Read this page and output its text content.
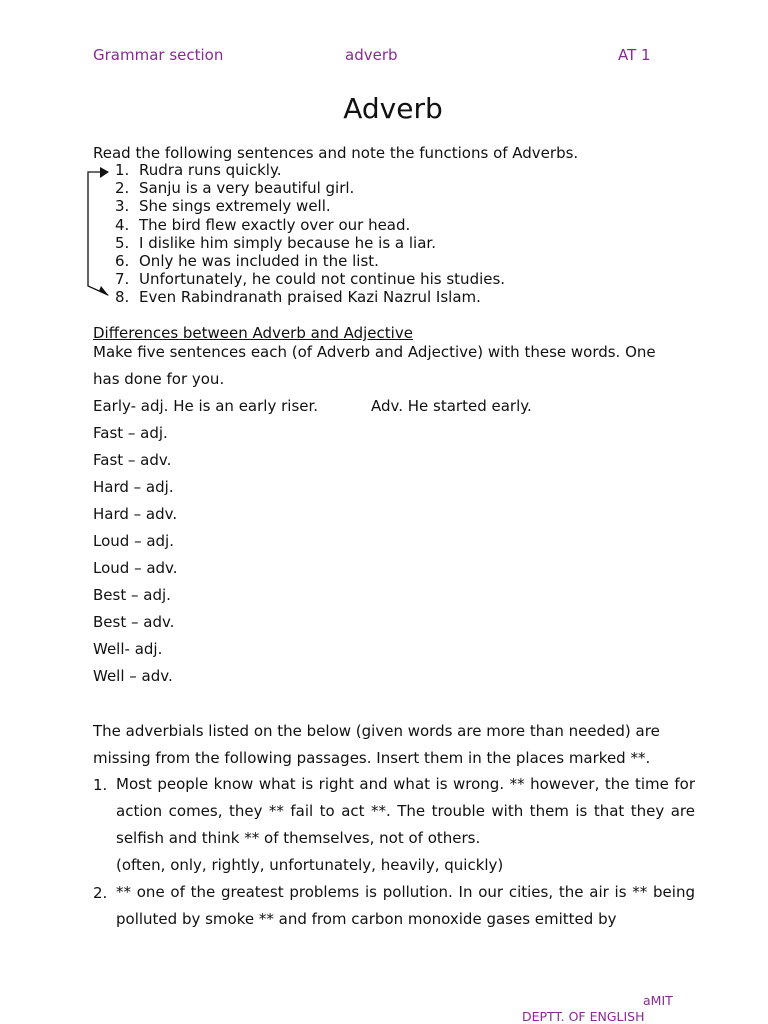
Grammar section	adverb	AT 1
Adverb
Read the following sentences and note the functions of Adverbs.
1. Rudra runs quickly.
2. Sanju is a very beautiful girl.
3. She sings extremely well.
4. The bird flew exactly over our head.
5. I dislike him simply because he is a liar.
6. Only he was included in the list.
7. Unfortunately, he could not continue his studies.
8. Even Rabindranath praised Kazi Nazrul Islam.
Differences between Adverb and Adjective
Make five sentences each (of Adverb and Adjective) with these words. One
has done for you.
Early- adj. He is an early riser.	Adv. He started early.
Fast – adj.
Fast – adv.
Hard – adj.
Hard – adv.
Loud – adj.
Loud – adv.
Best – adj.
Best – adv.
Well- adj.
Well – adv.
The adverbials listed on the below (given words are more than needed) are
missing from the following passages. Insert them in the places marked **.
1. Most people know what is right and what is wrong. ** however, the time for action comes, they ** fail to act **. The trouble with them is that they are selfish and think ** of themselves, not of others.
(often, only, rightly, unfortunately, heavily, quickly)
2. ** one of the greatest problems is pollution. In our cities, the air is ** being polluted by smoke ** and from carbon monoxide gases emitted by
aMIT
DEPTT. OF ENGLISH
